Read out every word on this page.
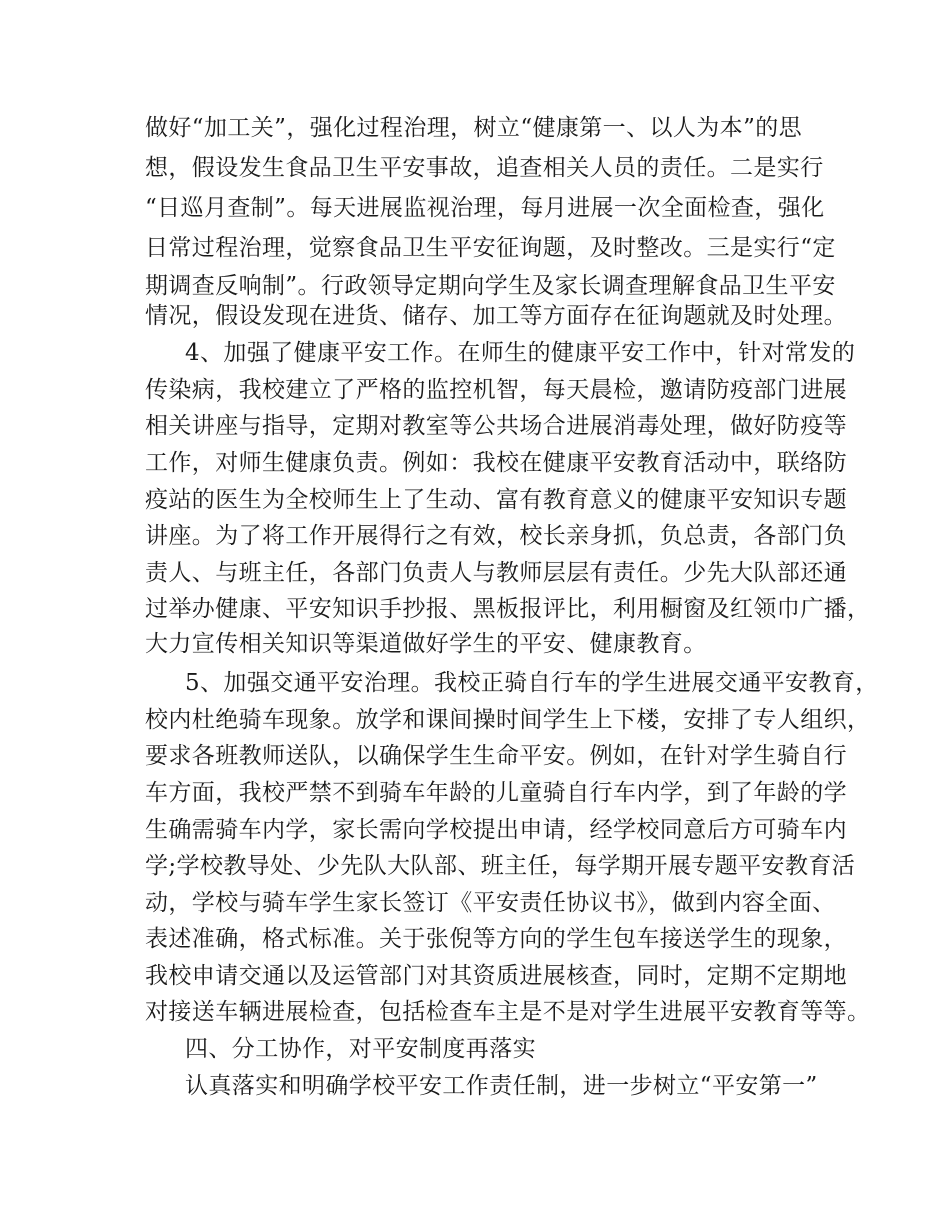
做好“加工关”，强化过程治理，树立“健康第一、以人为本”的思
想，假设发生食品卫生平安事故，追查相关人员的责任。二是实行
“日巡月查制”。每天进展监视治理，每月进展一次全面检查，强化
日常过程治理，觉察食品卫生平安征询题，及时整改。三是实行“定
期调查反响制”。行政领导定期向学生及家长调查理解食品卫生平安
情况，假设发现在进货、储存、加工等方面存在征询题就及时处理。
4、加强了健康平安工作。在师生的健康平安工作中，针对常发的
传染病，我校建立了严格的监控机智，每天晨检，邀请防疫部门进展
相关讲座与指导，定期对教室等公共场合进展消毒处理，做好防疫等
工作，对师生健康负责。例如：我校在健康平安教育活动中，联络防
疫站的医生为全校师生上了生动、富有教育意义的健康平安知识专题
讲座。为了将工作开展得行之有效，校长亲身抓，负总责，各部门负
责人、与班主任，各部门负责人与教师层层有责任。少先大队部还通
过举办健康、平安知识手抄报、黑板报评比，利用橱窗及红领巾广播，
大力宣传相关知识等渠道做好学生的平安、健康教育。
5、加强交通平安治理。我校正骑自行车的学生进展交通平安教育，
校内杜绝骑车现象。放学和课间操时间学生上下楼，安排了专人组织，
要求各班教师送队，以确保学生生命平安。例如，在针对学生骑自行
车方面，我校严禁不到骑车年龄的儿童骑自行车内学，到了年龄的学
生确需骑车内学，家长需向学校提出申请，经学校同意后方可骑车内
学;学校教导处、少先队大队部、班主任，每学期开展专题平安教育活
动，学校与骑车学生家长签订《平安责任协议书》，做到内容全面、
表述准确，格式标准。关于张倪等方向的学生包车接送学生的现象，
我校申请交通以及运管部门对其资质进展核查，同时，定期不定期地
对接送车辆进展检查，包括检查车主是不是对学生进展平安教育等等。
四、分工协作，对平安制度再落实
认真落实和明确学校平安工作责任制，进一步树立“平安第一”
